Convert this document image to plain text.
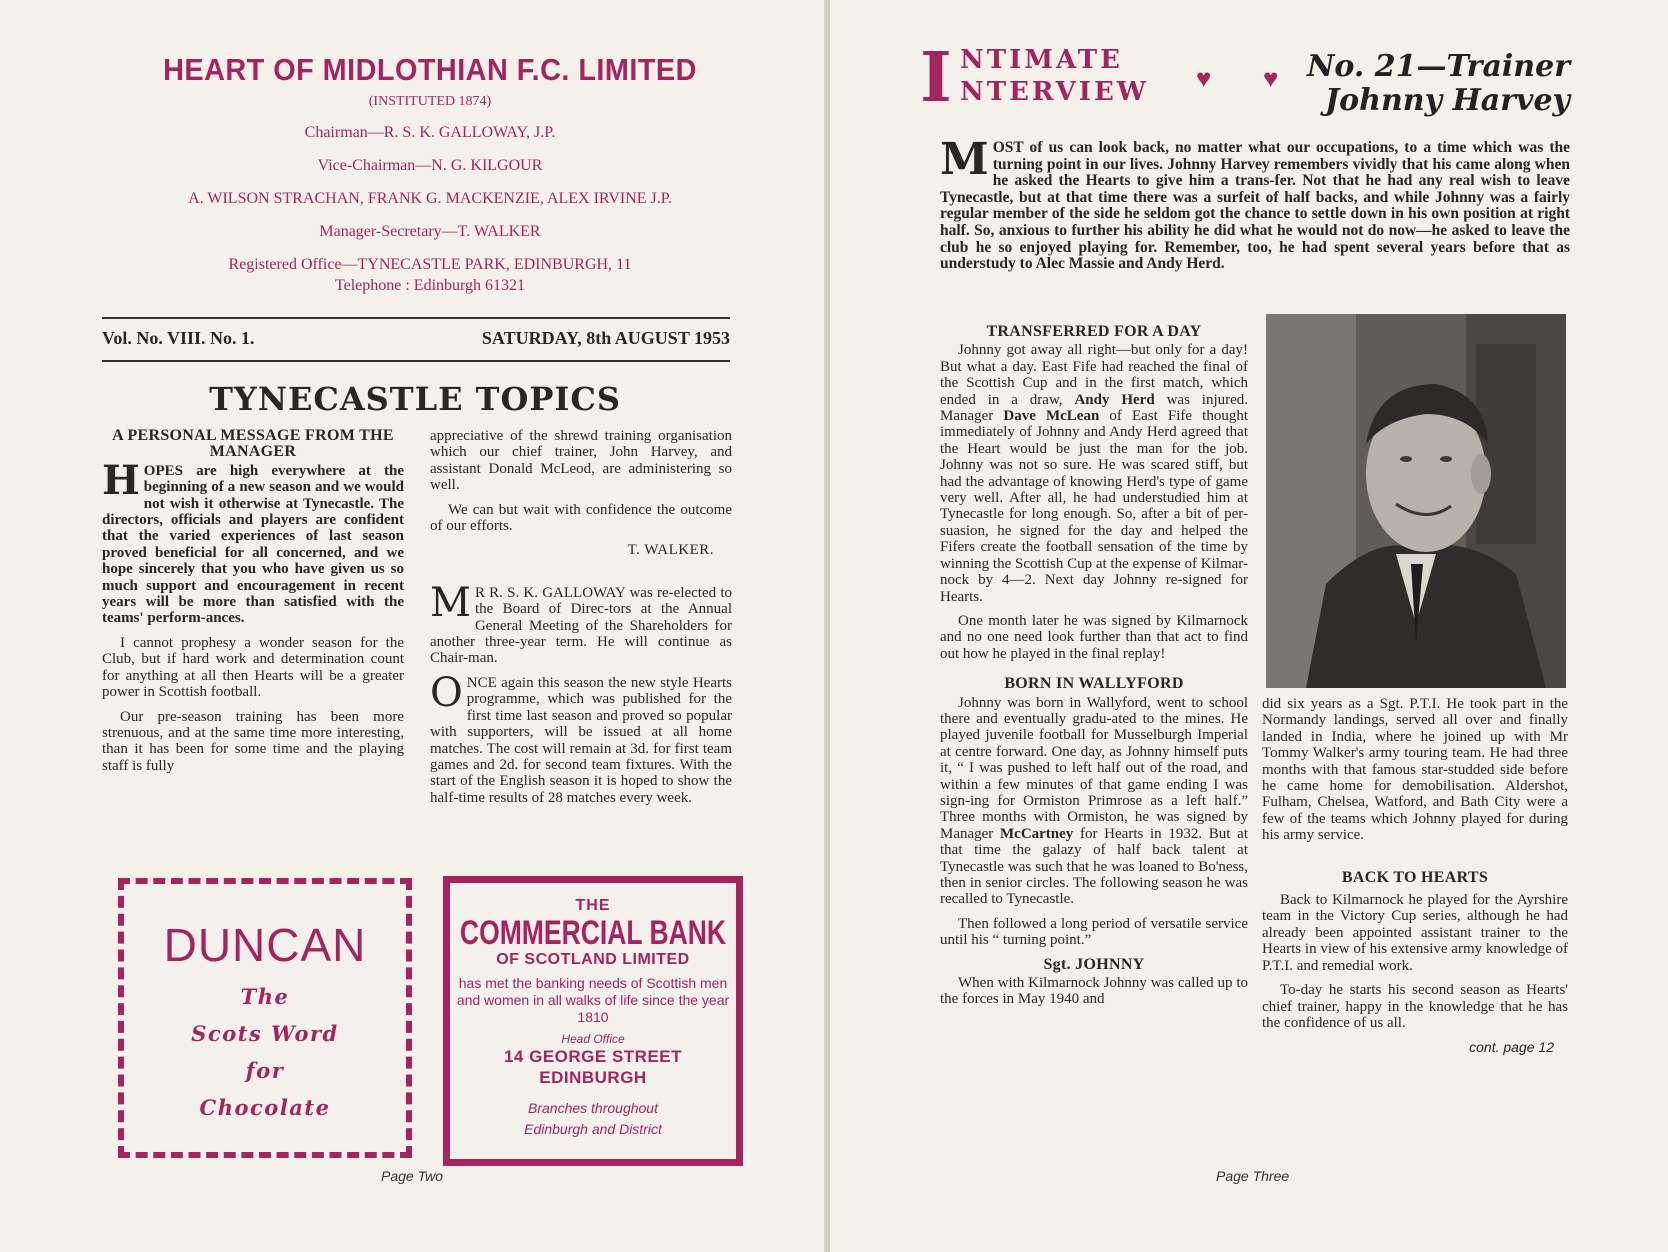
HEART OF MIDLOTHIAN F.C. LIMITED
(INSTITUTED 1874)
Chairman—R. S. K. GALLOWAY, J.P.
Vice-Chairman—N. G. KILGOUR
A. WILSON STRACHAN, FRANK G. MACKENZIE, ALEX IRVINE J.P.
Manager-Secretary—T. WALKER
Registered Office—TYNECASTLE PARK, EDINBURGH, 11
Telephone : Edinburgh 61321
Vol. No. VIII. No. 1.	SATURDAY, 8th AUGUST 1953
TYNECASTLE TOPICS
A PERSONAL MESSAGE FROM THE MANAGER

HOPES are high everywhere at the beginning of a new season and we would not wish it otherwise at Tynecastle. The directors, officials and players are confident that the varied experiences of last season proved beneficial for all concerned, and we hope sincerely that you who have given us so much support and encouragement in recent years will be more than satisfied with the teams' perform-ances.

I cannot prophesy a wonder season for the Club, but if hard work and determination count for anything at all then Hearts will be a greater power in Scottish football.

Our pre-season training has been more strenuous, and at the same time more interesting, than it has been for some time and the playing staff is fully

appreciative of the shrewd training organisation which our chief trainer, John Harvey, and assistant Donald McLeod, are administering so well.

We can but wait with confidence the outcome of our efforts.

T. WALKER.

M R R. S. K. GALLOWAY was re-elected to the Board of Direc-tors at the Annual General Meeting of the Shareholders for another three-year term. He will continue as Chair-man.

ONCE again this season the new style Hearts programme, which was published for the first time last season and proved so popular with supporters, will be issued at all home matches. The cost will remain at 3d. for first team games and 2d. for second team fixtures. With the start of the English season it is hoped to show the half-time results of 28 matches every week.

DUNCAN
The
Scots Word
for
Chocolate
THE
COMMERCIAL BANK
OF SCOTLAND LIMITED
has met the banking needs of Scottish men and women in all walks of life since the year 1810
Head Office
14 GEORGE STREET
EDINBURGH
Branches throughout
Edinburgh and District
Page Two
I NTIMATE
NTERVIEW ♥ ♥ No. 21—Trainer
Johnny Harvey

MOST of us can look back, no matter what our occupations, to a time which was the turning point in our lives. Johnny Harvey remembers vividly that his came along when he asked the Hearts to give him a trans-fer. Not that he had any real wish to leave Tynecastle, but at that time there was a surfeit of half backs, and while Johnny was a fairly regular member of the side he seldom got the chance to settle down in his own position at right half. So, anxious to further his ability he did what he would not do now—he asked to leave the club he so enjoyed playing for. Remember, too, he had spent several years before that as understudy to Alec Massie and Andy Herd.

TRANSFERRED FOR A DAY

Johnny got away all right—but only for a day! But what a day. East Fife had reached the final of the Scottish Cup and in the first match, which ended in a draw, Andy Herd was injured. Manager Dave McLean of East Fife thought immediately of Johnny and Andy Herd agreed that the Heart would be just the man for the job. Johnny was not so sure. He was scared stiff, but had the advantage of knowing Herd's type of game very well. After all, he had understudied him at Tynecastle for long enough. So, after a bit of per-suasion, he signed for the day and helped the Fifers create the football sensation of the time by winning the Scottish Cup at the expense of Kilmar-nock by 4—2. Next day Johnny re-signed for Hearts.

One month later he was signed by Kilmarnock and no one need look further than that act to find out how he played in the final replay!

BORN IN WALLYFORD

Johnny was born in Wallyford, went to school there and eventually gradu-ated to the mines. He played juvenile football for Musselburgh Imperial at centre forward. One day, as Johnny himself puts it, “ I was pushed to left half out of the road, and within a few minutes of that game ending I was sign-ing for Ormiston Primrose as a left half.” Three months with Ormiston, he was signed by Manager McCartney for Hearts in 1932. But at that time the galazy of half back talent at Tynecastle was such that he was loaned to Bo'ness, then in senior circles. The following season he was recalled to Tynecastle.

Then followed a long period of versatile service until his “ turning point.”

Sgt. JOHNNY

When with Kilmarnock Johnny was called up to the forces in May 1940 and

did six years as a Sgt. P.T.I. He took part in the Normandy landings, served all over and finally landed in India, where he joined up with Mr Tommy Walker's army touring team. He had three months with that famous star-studded side before he came home for demobilisation. Aldershot, Fulham, Chelsea, Watford, and Bath City were a few of the teams which Johnny played for during his army service.

BACK TO HEARTS

Back to Kilmarnock he played for the Ayrshire team in the Victory Cup series, although he had already been appointed assistant trainer to the Hearts in view of his extensive army knowledge of P.T.I. and remedial work.

To-day he starts his second season as Hearts' chief trainer, happy in the knowledge that he has the confidence of us all.

cont. page 12
Page Three
